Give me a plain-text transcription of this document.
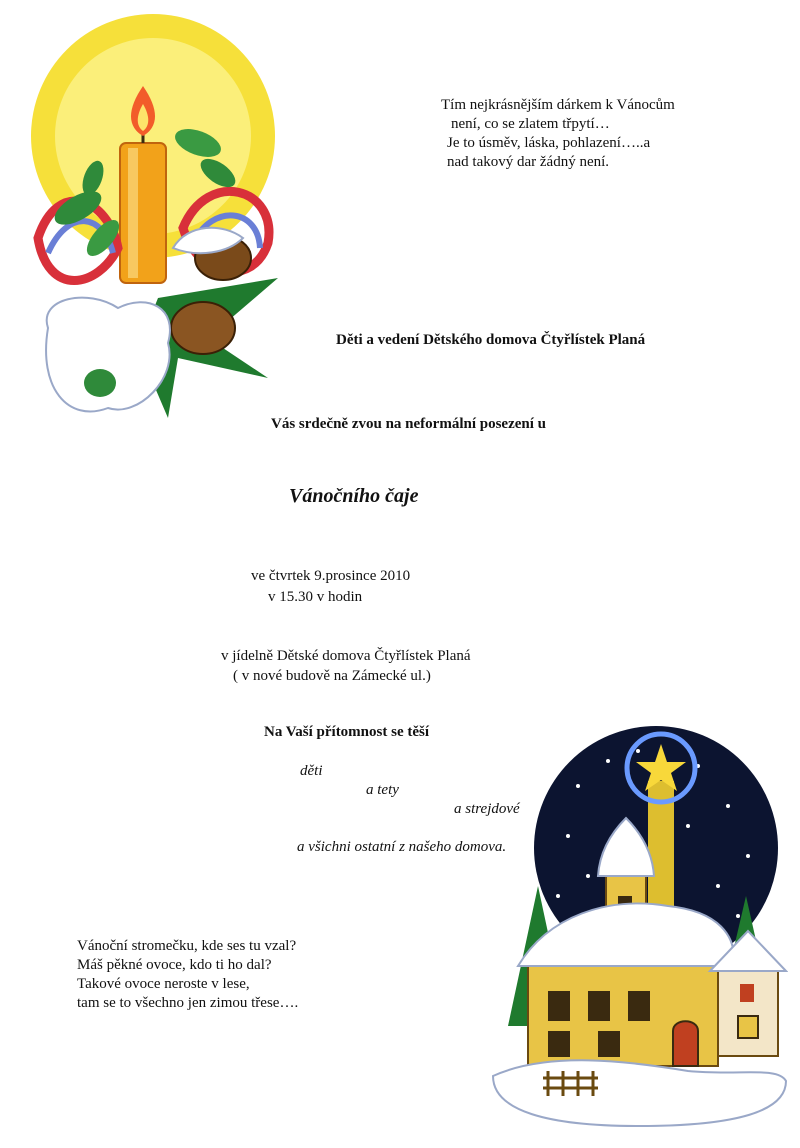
Tím nejkrásnějším dárkem k Vánocům
není, co se zlatem třpytí…
Je to úsměv, láska, pohlazení…..a
nad takový dar žádný není.
Děti a vedení Dětského domova Čtyřlístek Planá
Vás srdečně zvou na neformální posezení u
Vánočního čaje
ve čtvrtek 9.prosince 2010
v 15.30 v hodin
v jídelně Dětské domova Čtyřlístek Planá
( v nové budově na Zámecké ul.)
Na Vaší přítomnost se těší
děti
a tety
a strejdové
a všichni ostatní z našeho domova.
Vánoční stromečku, kde ses tu vzal?
Máš pěkné ovoce, kdo ti ho dal?
Takové ovoce neroste v lese,
tam se to všechno jen zimou třese….
